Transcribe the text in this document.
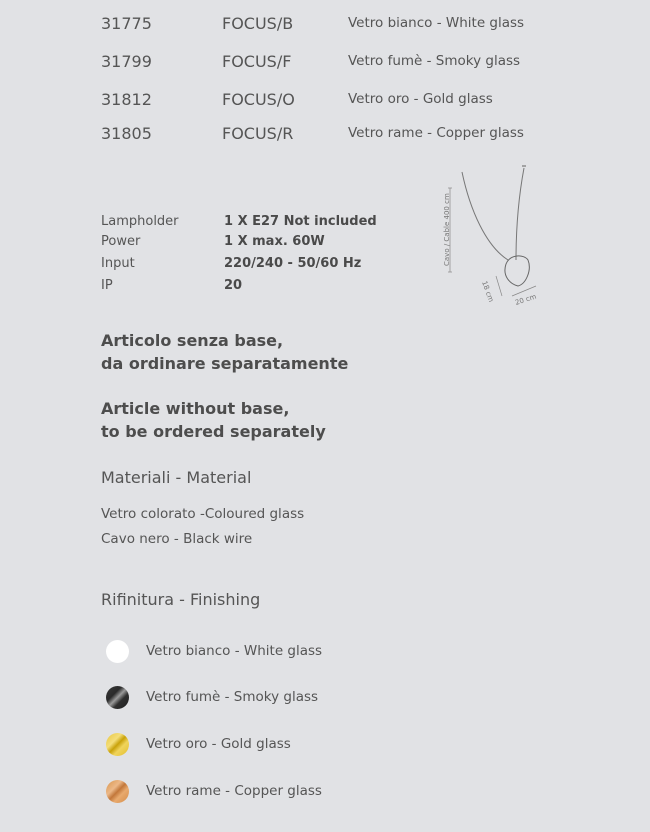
31775	FOCUS/B	Vetro bianco - White glass
31799	FOCUS/F	Vetro fumè - Smoky glass
31812	FOCUS/O	Vetro oro - Gold glass
31805	FOCUS/R	Vetro rame - Copper glass
Lampholder	1 X E27 Not included
Power	1 X max. 60W
Input	220/240 - 50/60 Hz
IP	20
Cavo / Cable 400 cm
18 cm	20 cm
Articolo senza base,
da ordinare separatamente
Article without base,
to be ordered separately
Materiali - Material
Vetro colorato -Coloured glass
Cavo nero - Black wire
Rifinitura - Finishing
Vetro bianco - White glass
Vetro fumè - Smoky glass
Vetro oro - Gold glass
Vetro rame - Copper glass
